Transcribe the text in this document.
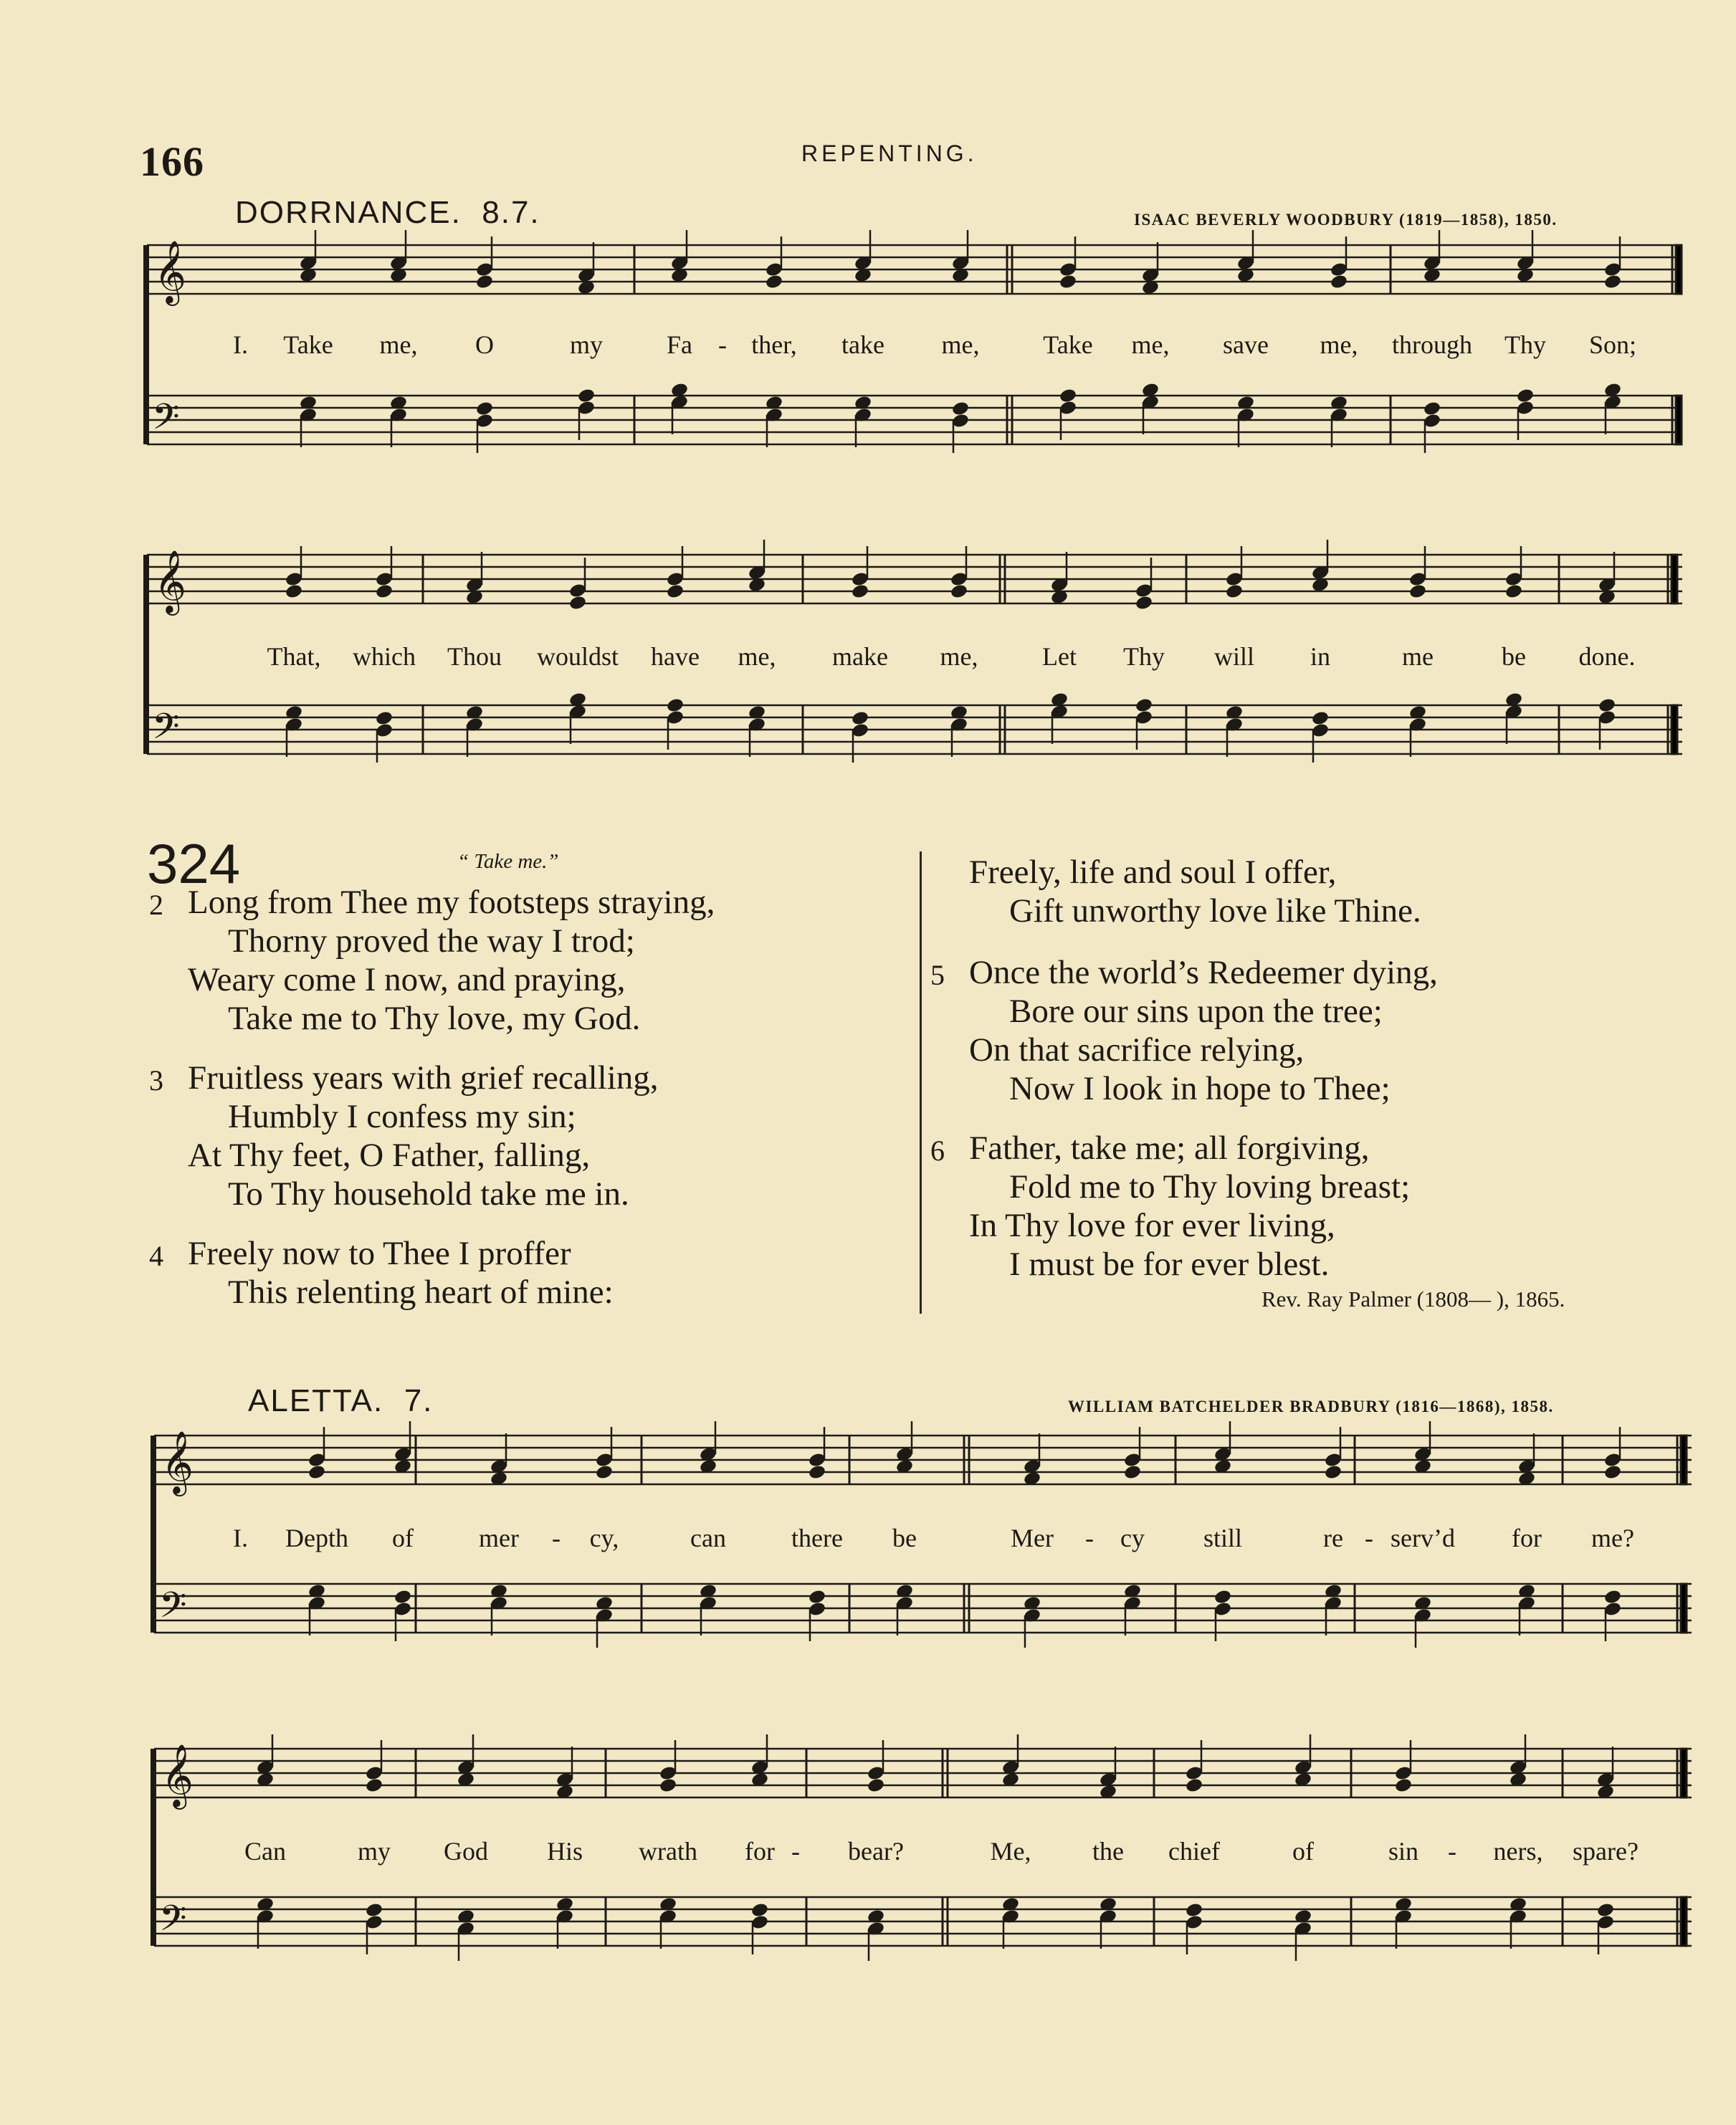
166	REPENTING.
DORRNANCE. 8.7.	ISAAC BEVERLY WOODBURY (1819—1858), 1850.
𝄞
𝄢
I. Take me, O	my Fa - ther, take me, Take me, save me, through Thy Son;
𝄞
𝄢
That, which Thou wouldst have me, make me, Let Thy will in	me	be done.
324	“ Take me.”
2 Long from Thee my footsteps straying,
Thorny proved the way I trod;
Weary come I now, and praying,
Take me to Thy love, my God.
3 Fruitless years with grief recalling,
Humbly I confess my sin;
At Thy feet, O Father, falling,
To Thy household take me in.
4 Freely now to Thee I proffer
This relenting heart of mine:
Freely, life and soul I offer,
Gift unworthy love like Thine.
5 Once the world’s Redeemer dying,
Bore our sins upon the tree;
On that sacrifice relying,
Now I look in hope to Thee;
6 Father, take me; all forgiving,
Fold me to Thy loving breast;
In Thy love for ever living,
I must be for ever blest.
Rev. Ray Palmer (1808— ), 1865.
ALETTA. 7.	WILLIAM BATCHELDER BRADBURY (1816—1868), 1858.
𝄞
𝄢
I. Depth of	mer - cy,	can	there be	Mer - cy still	re - serv’d for me?
𝄞
𝄢
Can	my God His wrath for - bear?	Me, the chief	of	sin - ners, spare?
